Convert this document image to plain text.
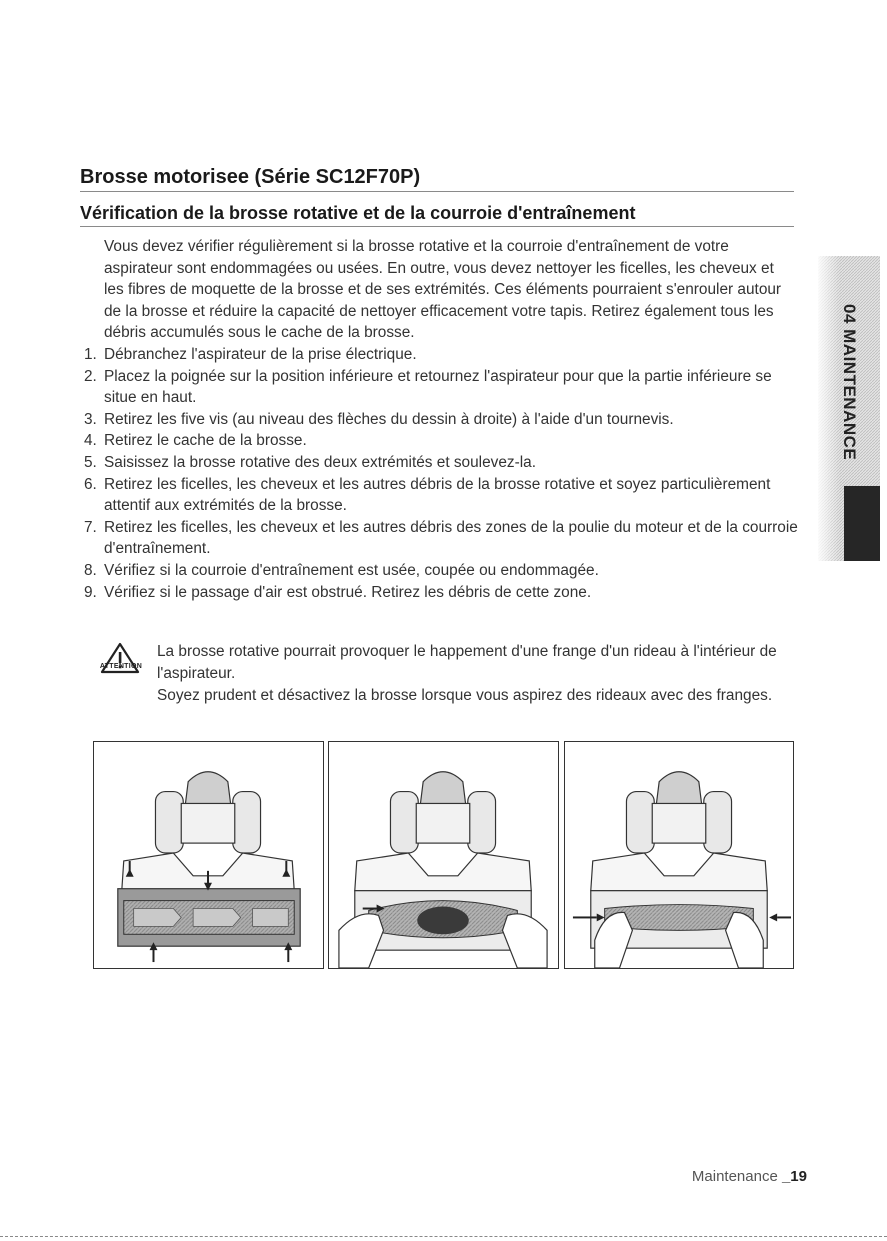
Brosse motorisee (Série SC12F70P)
Vérification de la brosse rotative et de la courroie d'entraînement

Vous devez vérifier régulièrement si la brosse rotative et la courroie d'entraînement de votre aspirateur sont endommagées ou usées. En outre, vous devez nettoyer les ficelles, les cheveux et les fibres de moquette de la brosse et de ses extrémités. Ces éléments pourraient s'enrouler autour de la brosse et réduire la capacité de nettoyer efficacement votre tapis. Retirez également tous les débris accumulés sous le cache de la brosse.

1. Débranchez l'aspirateur de la prise électrique.
2. Placez la poignée sur la position inférieure et retournez l'aspirateur pour que la partie inférieure se situe en haut.
3. Retirez les five vis (au niveau des flèches du dessin à droite) à l'aide d'un tournevis.
4. Retirez le cache de la brosse.
5. Saisissez la brosse rotative des deux extrémités et soulevez-la.
6. Retirez les ficelles, les cheveux et les autres débris de la brosse rotative et soyez particulièrement attentif aux extrémités de la brosse.
7. Retirez les ficelles, les cheveux et les autres débris des zones de la poulie du moteur et de la courroie d'entraînement.
8. Vérifiez si la courroie d'entraînement est usée, coupée ou endommagée.
9. Vérifiez si le passage d'air est obstrué. Retirez les débris de cette zone.
ATTENTION

La brosse rotative pourrait provoquer le happement d'une frange d'un rideau à l'intérieur de l'aspirateur.

Soyez prudent et désactivez la brosse lorsque vous aspirez des rideaux avec des franges.

04 MAINTENANCE
Maintenance _19
